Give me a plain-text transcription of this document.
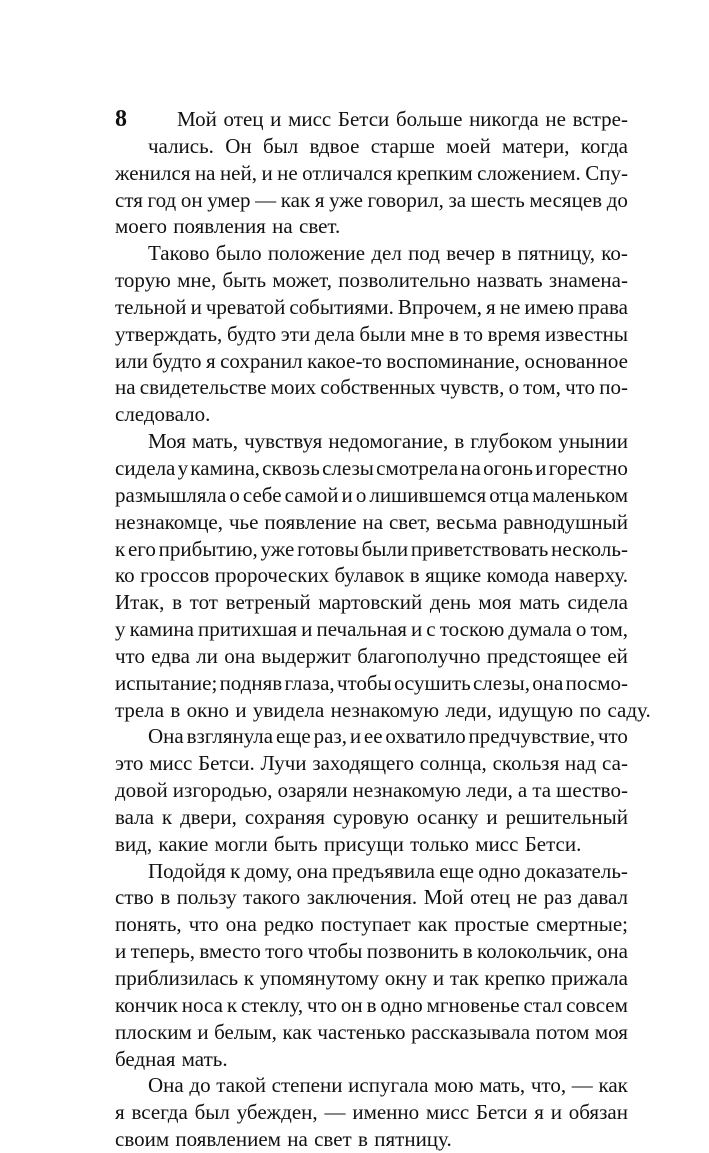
8 Мой отец и мисс Бетси больше никогда не встре-
чались. Он был вдвое старше моей матери, когда
женился на ней, и не отличался крепким сложением. Спу-
стя год он умер — как я уже говорил, за шесть месяцев до
моего появления на свет.
Таково было положение дел под вечер в пятницу, ко-
торую мне, быть может, позволительно назвать знамена-
тельной и чреватой событиями. Впрочем, я не имею права
утверждать, будто эти дела были мне в то время известны
или будто я сохранил какое-то воспоминание, основанное
на свидетельстве моих собственных чувств, о том, что по-
следовало.
Моя мать, чувствуя недомогание, в глубоком унынии
сидела у камина, сквозь слезы смотрела на огонь и горестно
размышляла о себе самой и о лишившемся отца маленьком
незнакомце, чье появление на свет, весьма равнодушный
к его прибытию, уже готовы были приветствовать несколь-
ко гроссов пророческих булавок в ящике комода наверху.
Итак, в тот ветреный мартовский день моя мать сидела
у камина притихшая и печальная и с тоскою думала о том,
что едва ли она выдержит благополучно предстоящее ей
испытание; подняв глаза, чтобы осушить слезы, она посмо-
трела в окно и увидела незнакомую леди, идущую по саду.
Она взглянула еще раз, и ее охватило предчувствие, что
это мисс Бетси. Лучи заходящего солнца, скользя над са-
довой изгородью, озаряли незнакомую леди, а та шество-
вала к двери, сохраняя суровую осанку и решительный
вид, какие могли быть присущи только мисс Бетси.
Подойдя к дому, она предъявила еще одно доказатель-
ство в пользу такого заключения. Мой отец не раз давал
понять, что она редко поступает как простые смертные;
и теперь, вместо того чтобы позвонить в колокольчик, она
приблизилась к упомянутому окну и так крепко прижала
кончик носа к стеклу, что он в одно мгновенье стал совсем
плоским и белым, как частенько рассказывала потом моя
бедная мать.
Она до такой степени испугала мою мать, что, — как
я всегда был убежден, — именно мисс Бетси я и обязан
своим появлением на свет в пятницу.
